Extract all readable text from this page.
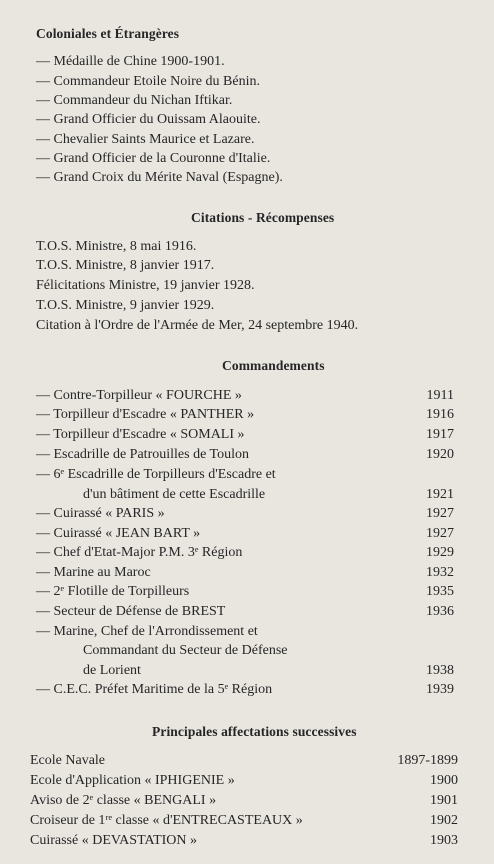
Coloniales et Étrangères
— Médaille de Chine 1900-1901.
— Commandeur Etoile Noire du Bénin.
— Commandeur du Nichan Iftikar.
— Grand Officier du Ouissam Alaouite.
— Chevalier Saints Maurice et Lazare.
— Grand Officier de la Couronne d'Italie.
— Grand Croix du Mérite Naval (Espagne).
Citations - Récompenses
T.O.S. Ministre, 8 mai 1916.
T.O.S. Ministre, 8 janvier 1917.
Félicitations Ministre, 19 janvier 1928.
T.O.S. Ministre, 9 janvier 1929.
Citation à l'Ordre de l'Armée de Mer, 24 septembre 1940.
Commandements
— Contre-Torpilleur « FOURCHE »	1911
— Torpilleur d'Escadre « PANTHER »	1916
— Torpilleur d'Escadre « SOMALI »	1917
— Escadrille de Patrouilles de Toulon	1920
— 6ᵉ Escadrille de Torpilleurs d'Escadre et
d'un bâtiment de cette Escadrille	1921
— Cuirassé « PARIS »	1927
— Cuirassé « JEAN BART »	1927
— Chef d'Etat-Major P.M. 3ᵉ Région	1929
— Marine au Maroc	1932
— 2ᵉ Flotille de Torpilleurs	1935
— Secteur de Défense de BREST	1936
— Marine, Chef de l'Arrondissement et
Commandant du Secteur de Défense
de Lorient	1938
— C.E.C. Préfet Maritime de la 5ᵉ Région	1939
Principales affectations successives
Ecole Navale	1897-1899
Ecole d'Application « IPHIGENIE »	1900
Aviso de 2ᵉ classe « BENGALI »	1901
Croiseur de 1ʳᵉ classe « d'ENTRECASTEAUX »	1902
Cuirassé « DEVASTATION »	1903
